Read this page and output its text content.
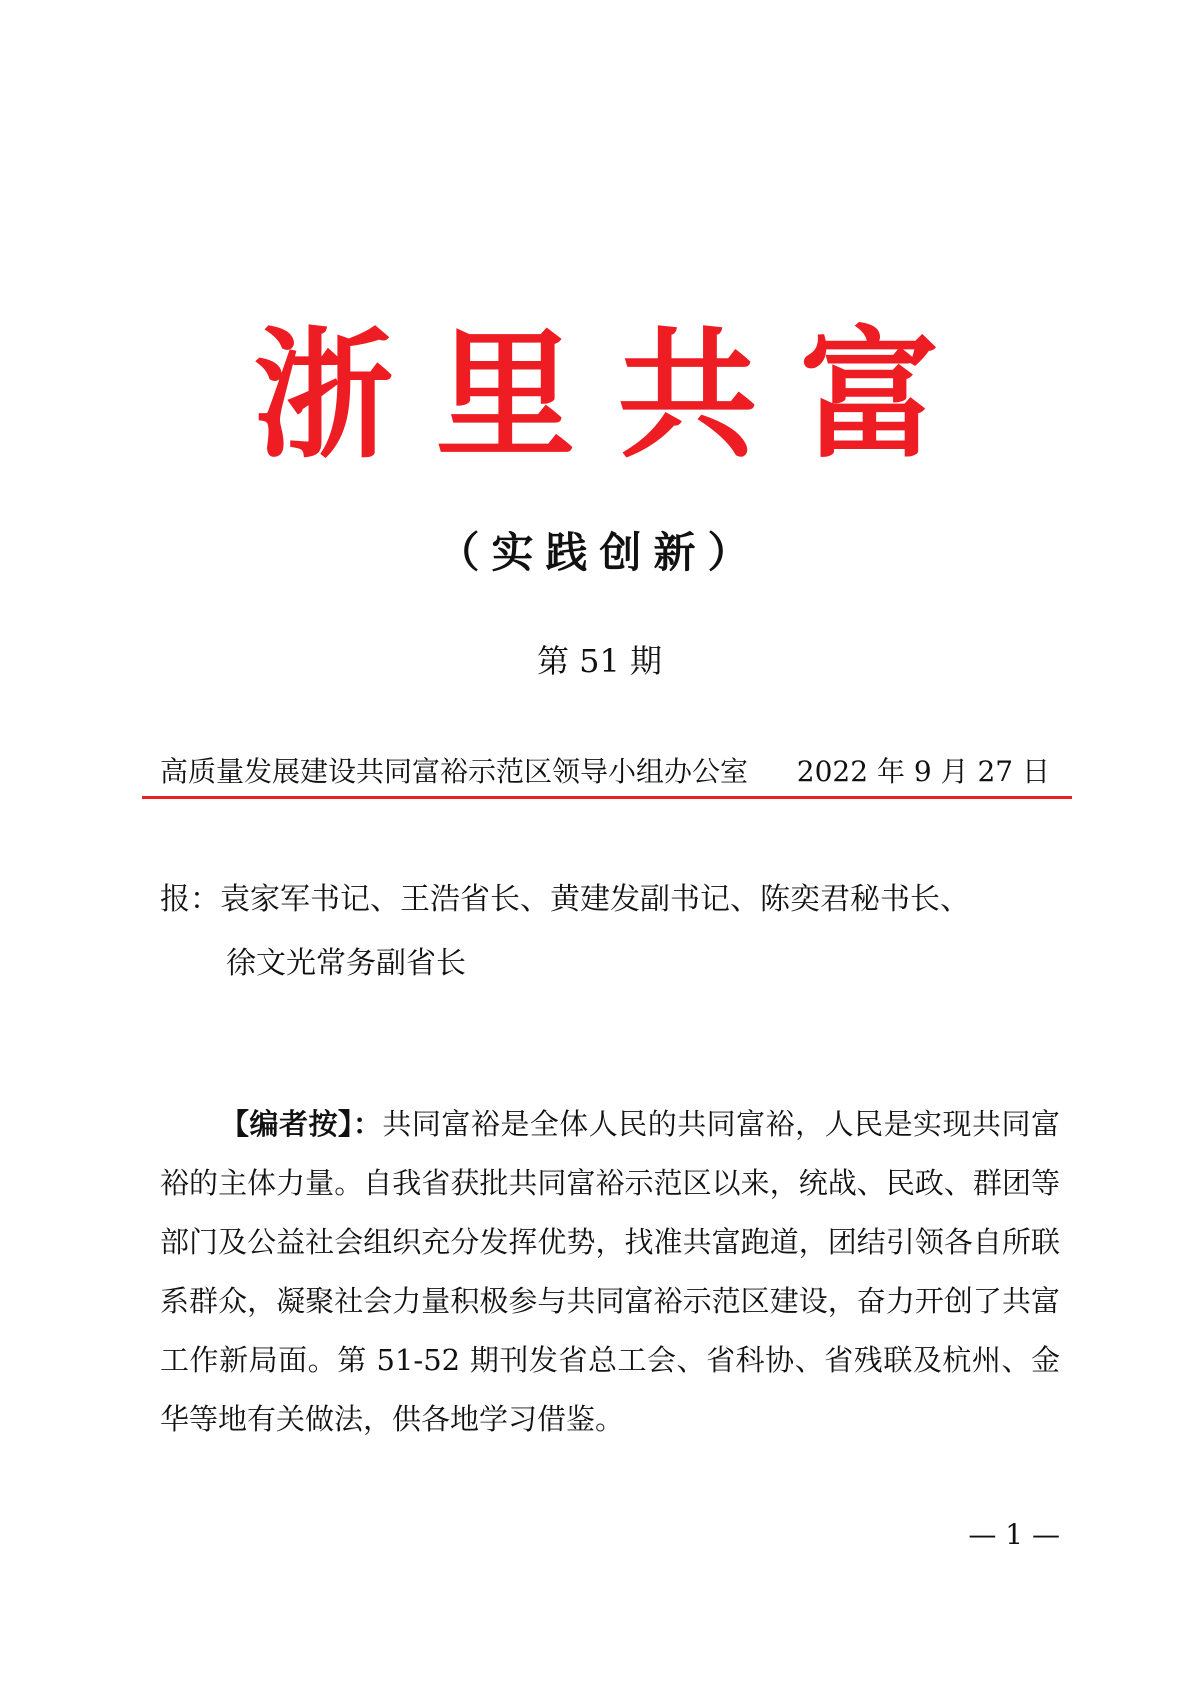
浙里共富
（实践创新）
第 51 期
高质量发展建设共同富裕示范区领导小组办公室 2022 年 9 月 27 日
报：袁家军书记、王浩省长、黄建发副书记、陈奕君秘书长、
徐文光常务副省长
【编者按】：共同富裕是全体人民的共同富裕，人民是实现共同富裕的主体力量。自我省获批共同富裕示范区以来，统战、民政、群团等部门及公益社会组织充分发挥优势，找准共富跑道，团结引领各自所联系群众，凝聚社会力量积极参与共同富裕示范区建设，奋力开创了共富工作新局面。第 51-52 期刊发省总工会、省科协、省残联及杭州、金华等地有关做法，供各地学习借鉴。
— 1 —
